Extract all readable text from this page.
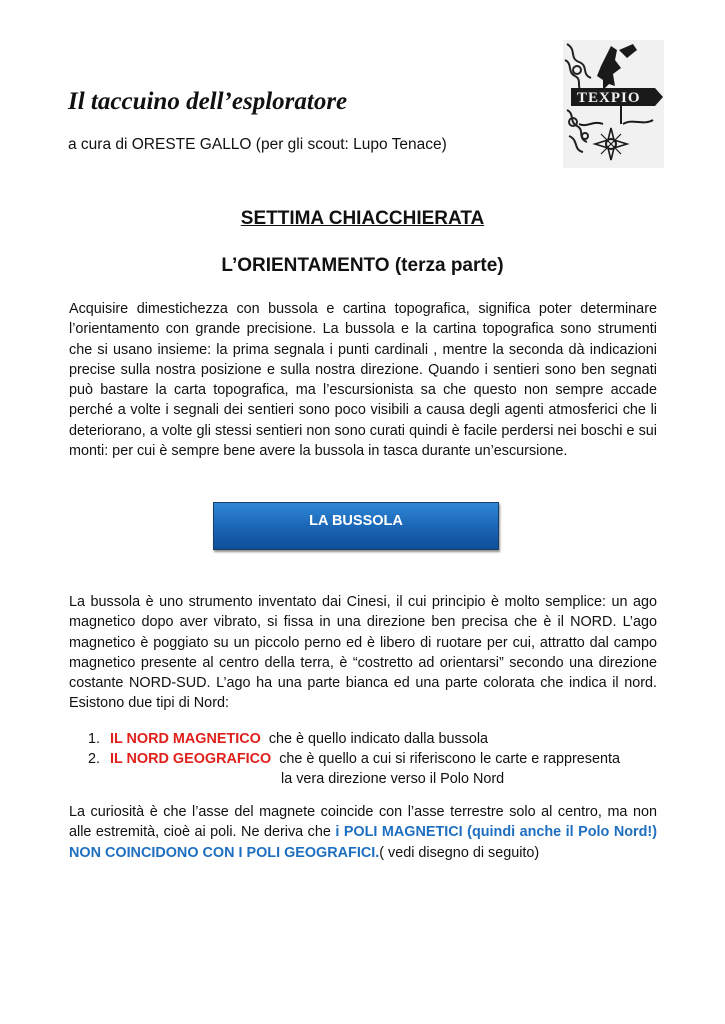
Il taccuino dell’esploratore
a cura di ORESTE GALLO (per gli scout: Lupo Tenace)
ΤΕΧΡΙΟ
SETTIMA CHIACCHIERATA
L’ORIENTAMENTO (terza parte)
Acquisire dimestichezza con bussola e cartina topografica, significa poter determinare l’orientamento con grande precisione. La bussola e la cartina topografica sono strumenti che si usano insieme: la prima segnala i punti cardinali , mentre la seconda dà indicazioni precise sulla nostra posizione e sulla nostra direzione. Quando i sentieri sono ben segnati può bastare la carta topografica, ma l’escursionista sa che questo non sempre accade perché a volte i segnali dei sentieri sono poco visibili a causa degli agenti atmosferici che li deteriorano, a volte gli stessi sentieri non sono curati quindi è facile perdersi nei boschi e sui monti: per cui è sempre bene avere la bussola in tasca durante un’escursione.
LA BUSSOLA
La bussola è uno strumento inventato dai Cinesi, il cui principio è molto semplice: un ago magnetico dopo aver vibrato, si fissa in una direzione ben precisa che è il NORD. L’ago magnetico è poggiato su un piccolo perno ed è libero di ruotare per cui, attratto dal campo magnetico presente al centro della terra, è “costretto ad orientarsi” secondo una direzione costante NORD-SUD. L’ago ha una parte bianca ed una parte colorata che indica il nord. Esistono due tipi di Nord:
1. IL NORD MAGNETICO  che è quello indicato dalla bussola
2. IL NORD GEOGRAFICO  che è quello a cui si riferiscono le carte e rappresenta
la vera direzione verso il Polo Nord
La curiosità è che l’asse del magnete coincide con l’asse terrestre solo al centro, ma non alle estremità, cioè ai poli. Ne deriva che i POLI MAGNETICI (quindi anche il Polo Nord!) NON COINCIDONO CON I POLI GEOGRAFICI.( vedi disegno di seguito)
